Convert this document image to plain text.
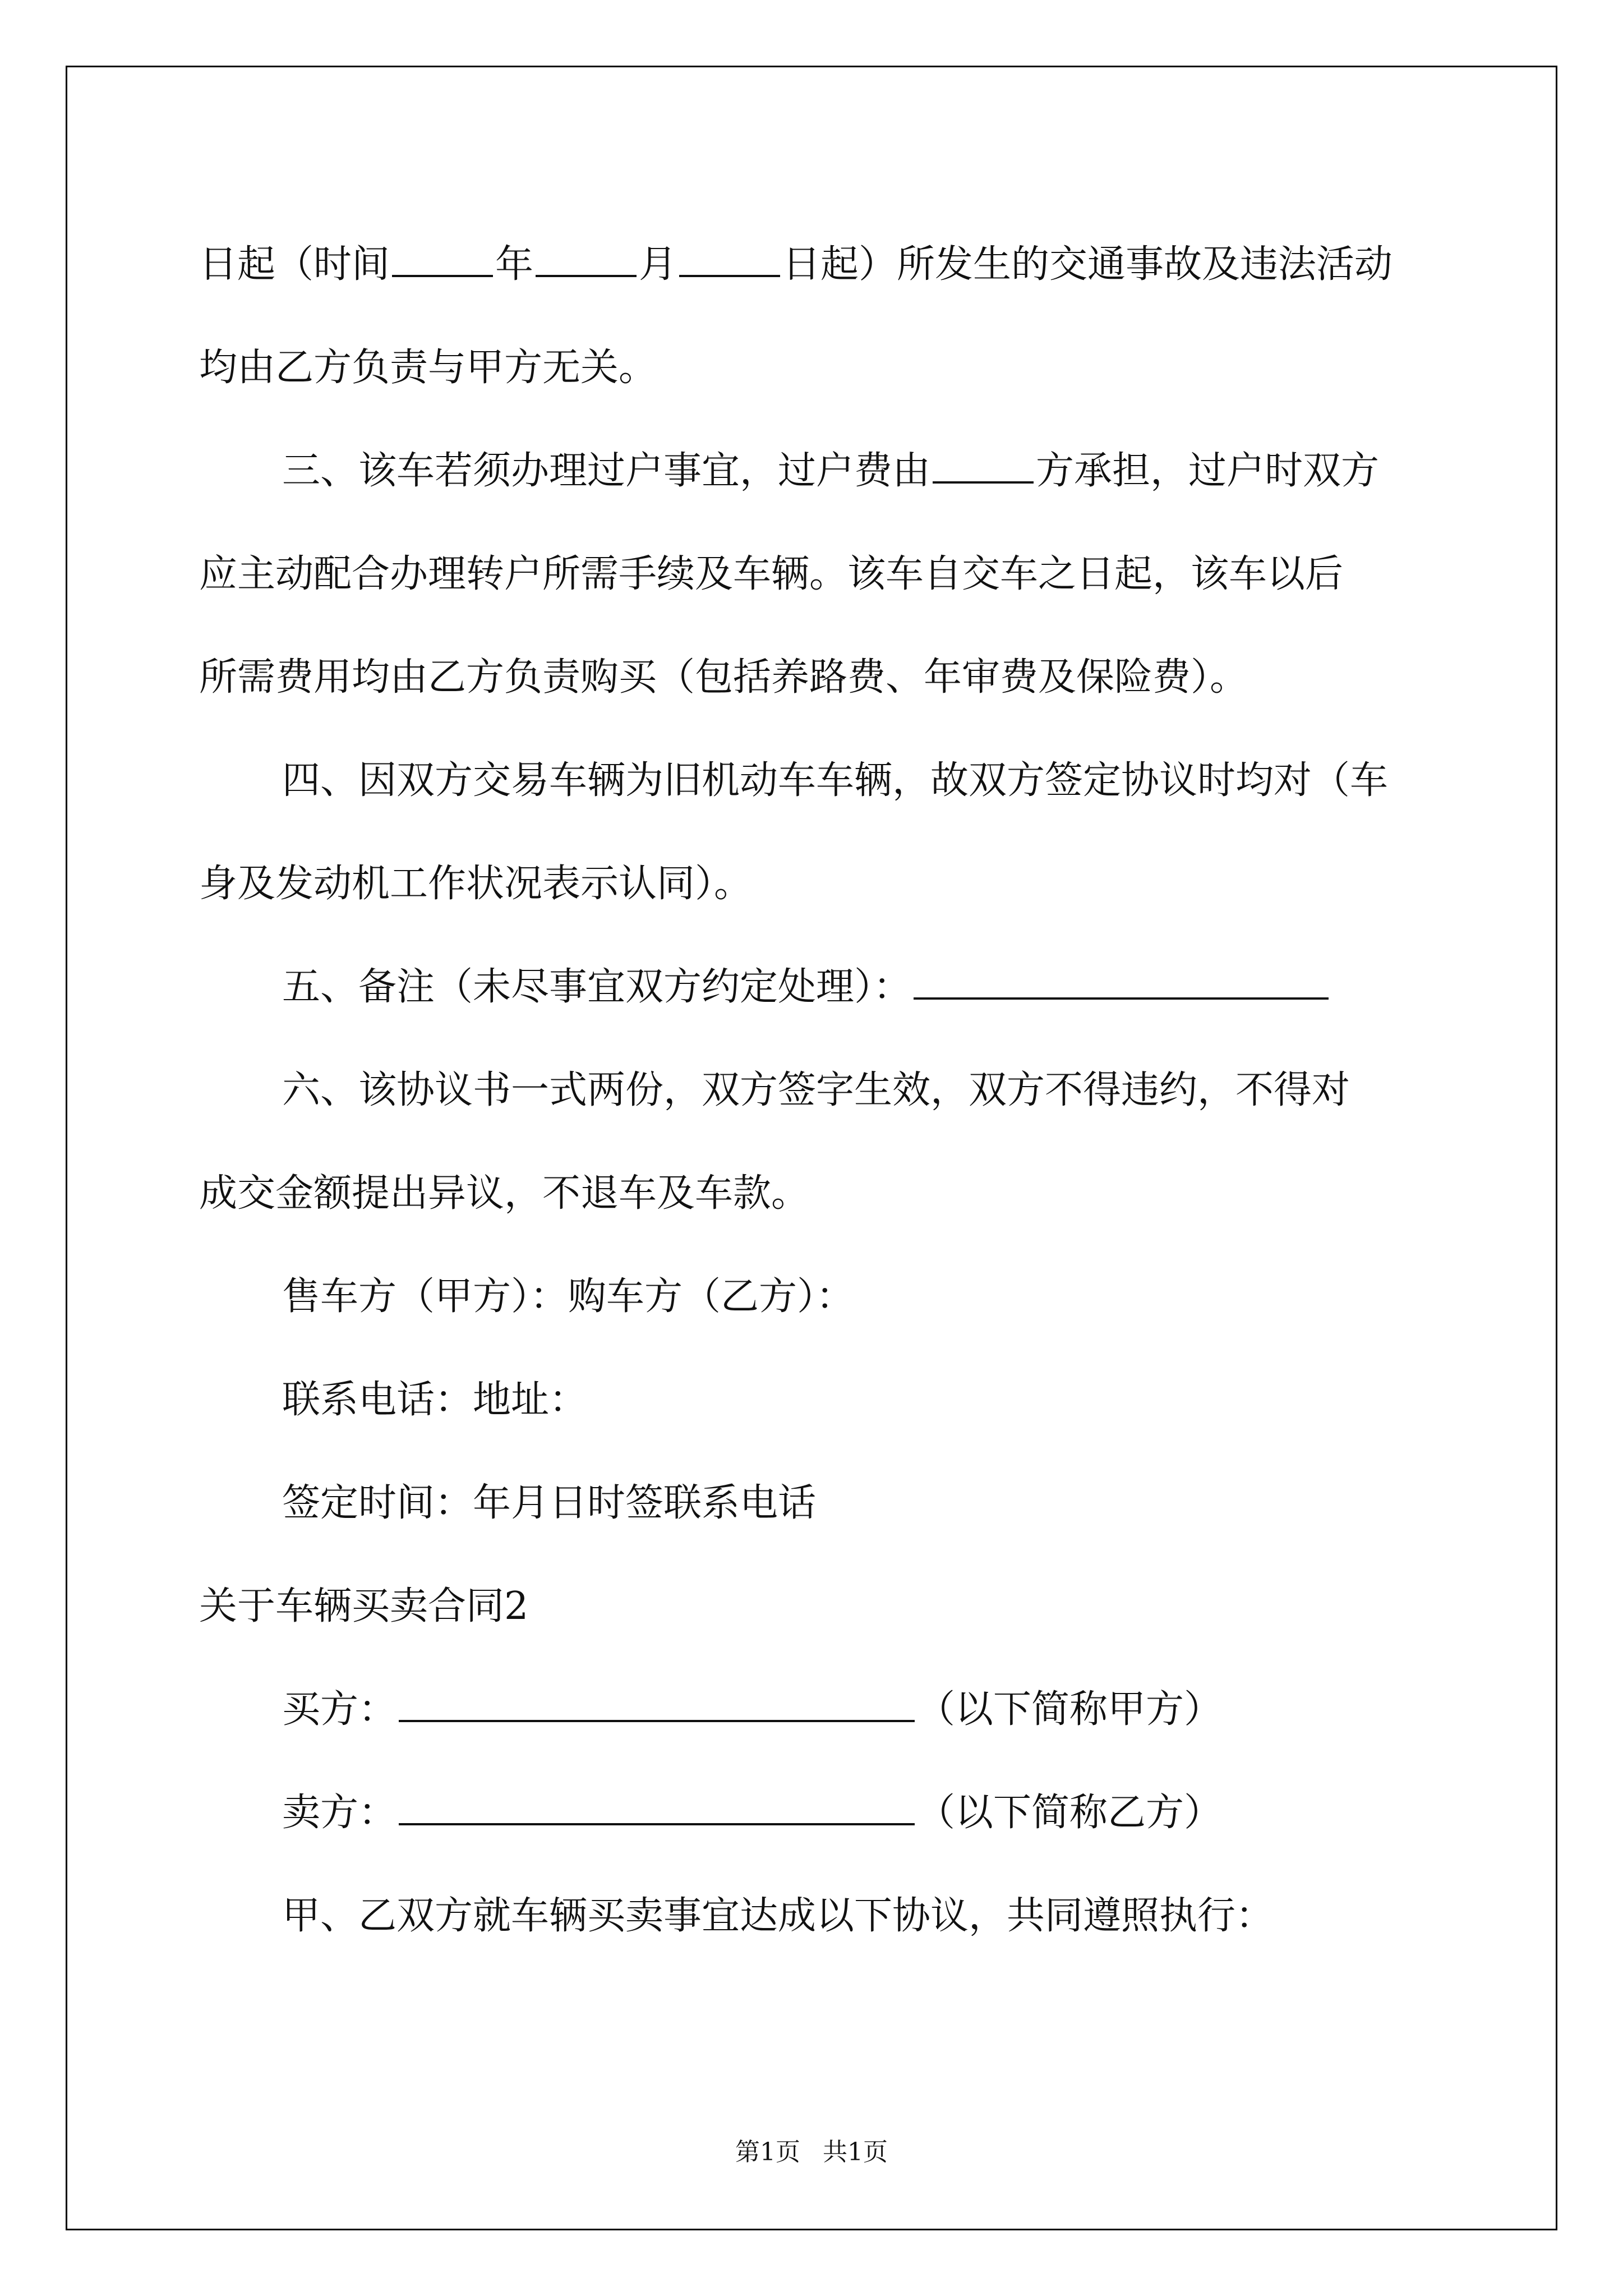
日起（时间	年	月	日起）所发生的交通事故及违法活动
均由乙方负责与甲方无关。
三、该车若须办理过户事宜，过户费由	方承担，过户时双方
应主动配合办理转户所需手续及车辆。该车自交车之日起，该车以后
所需费用均由乙方负责购买（包括养路费、年审费及保险费）。
四、因双方交易车辆为旧机动车车辆，故双方签定协议时均对（车
身及发动机工作状况表示认同）。
五、备注（未尽事宜双方约定处理）：
六、该协议书一式两份，双方签字生效，双方不得违约，不得对
成交金额提出异议，不退车及车款。
售车方（甲方）：购车方（乙方）：
联系电话：地址：
签定时间：年月日时签联系电话
关于车辆买卖合同2
买方：	（以下简称甲方）
卖方：	（以下简称乙方）
甲、乙双方就车辆买卖事宜达成以下协议，共同遵照执行：
第1页 共1页
